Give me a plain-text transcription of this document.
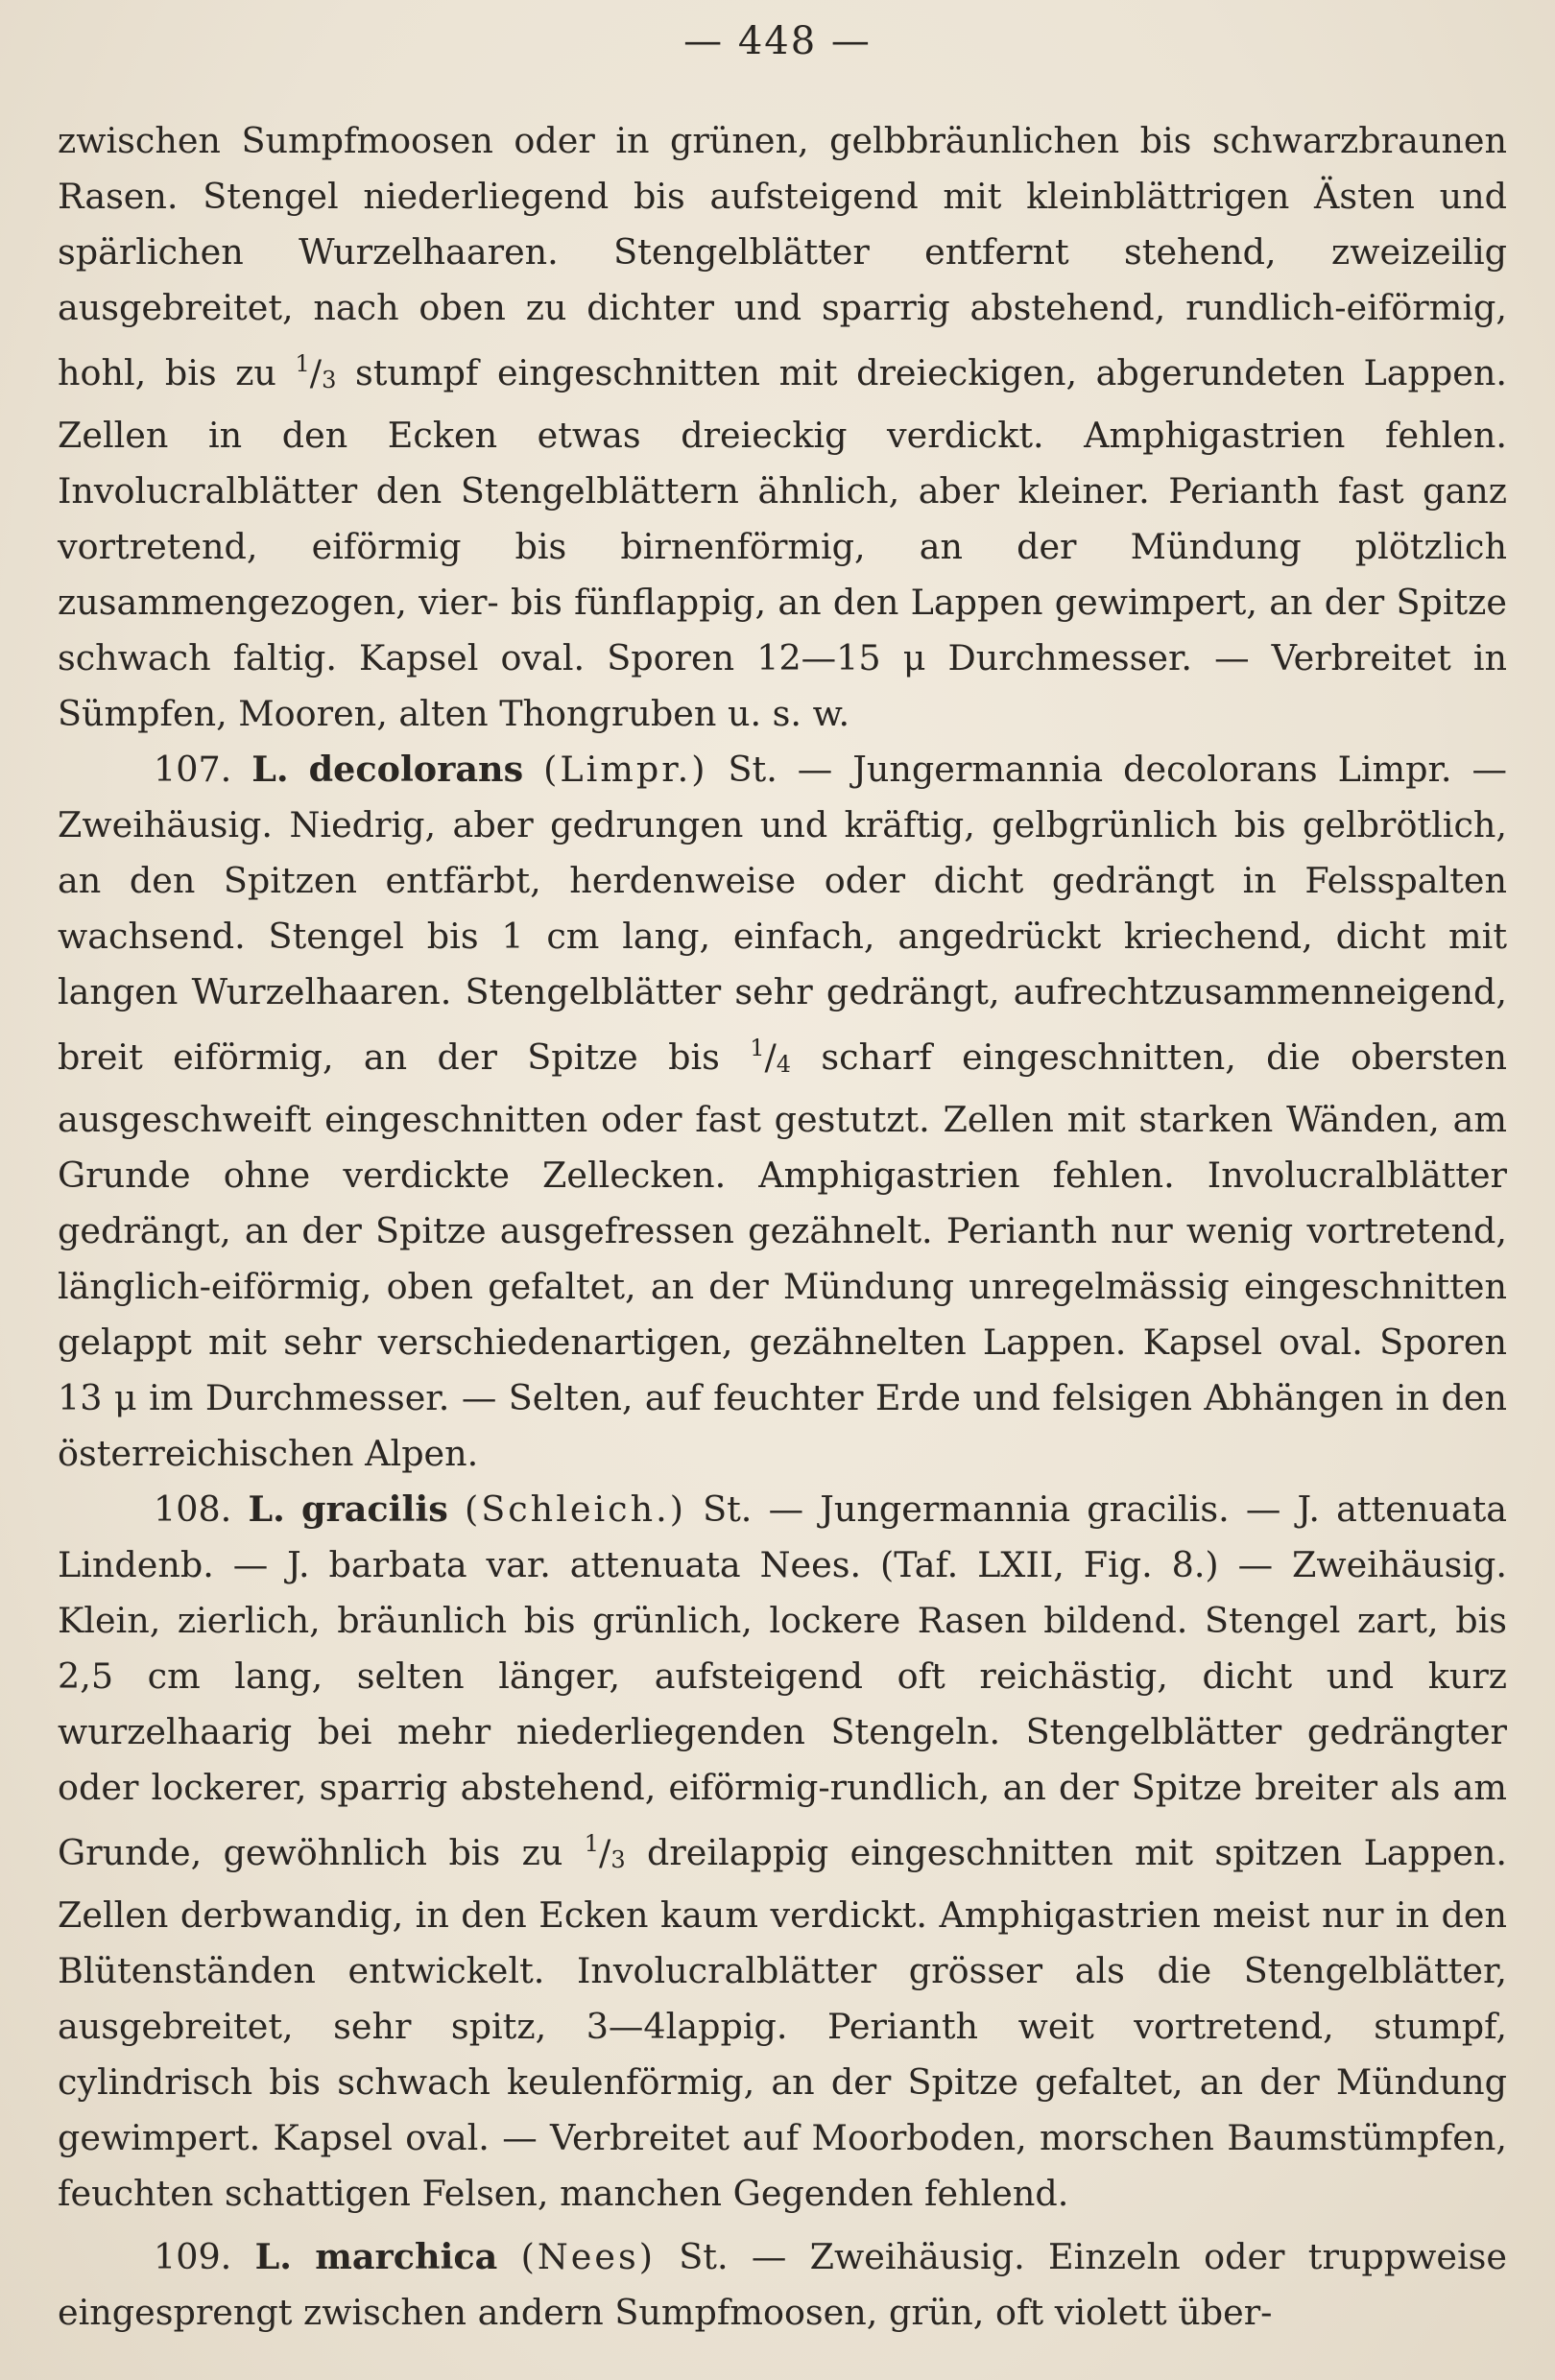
— 448 —

zwischen Sumpfmoosen oder in grünen, gelbbräunlichen bis schwarzbraunen Rasen. Stengel niederliegend bis aufsteigend mit kleinblättrigen Ästen und spärlichen Wurzelhaaren. Stengelblätter entfernt stehend, zweizeilig ausgebreitet, nach oben zu dichter und sparrig abstehend, rundlich-eiförmig, hohl, bis zu $^1$/3 stumpf eingeschnitten mit dreieckigen, abgerundeten Lappen. Zellen in den Ecken etwas dreieckig verdickt. Amphigastrien fehlen. Involucralblätter den Stengelblättern ähnlich, aber kleiner. Perianth fast ganz vortretend, eiförmig bis birnenförmig, an der Mündung plötzlich zusammengezogen, vier- bis fünflappig, an den Lappen gewimpert, an der Spitze schwach faltig. Kapsel oval. Sporen 12—15 μ Durchmesser. — Verbreitet in Sümpfen, Mooren, alten Thongruben u. s. w.

107. L. decolorans (Limpr.) St. — Jungermannia decolorans Limpr. — Zweihäusig. Niedrig, aber gedrungen und kräftig, gelbgrünlich bis gelbrötlich, an den Spitzen entfärbt, herdenweise oder dicht gedrängt in Felsspalten wachsend. Stengel bis 1 cm lang, einfach, angedrückt kriechend, dicht mit langen Wurzelhaaren. Stengelblätter sehr gedrängt, aufrechtzusammenneigend, breit eiförmig, an der Spitze bis $^1$/4 scharf eingeschnitten, die obersten ausgeschweift eingeschnitten oder fast gestutzt. Zellen mit starken Wänden, am Grunde ohne verdickte Zellecken. Amphigastrien fehlen. Involucralblätter gedrängt, an der Spitze ausgefressen gezähnelt. Perianth nur wenig vortretend, länglich-eiförmig, oben gefaltet, an der Mündung unregelmässig eingeschnitten gelappt mit sehr verschiedenartigen, gezähnelten Lappen. Kapsel oval. Sporen 13 μ im Durchmesser. — Selten, auf feuchter Erde und felsigen Abhängen in den österreichischen Alpen.

108. L. gracilis (Schleich.) St. — Jungermannia gracilis. — J. attenuata Lindenb. — J. barbata var. attenuata Nees. (Taf. LXII, Fig. 8.) — Zweihäusig. Klein, zierlich, bräunlich bis grünlich, lockere Rasen bildend. Stengel zart, bis 2,5 cm lang, selten länger, aufsteigend oft reichästig, dicht und kurz wurzelhaarig bei mehr niederliegenden Stengeln. Stengelblätter gedrängter oder lockerer, sparrig abstehend, eiförmig-rundlich, an der Spitze breiter als am Grunde, gewöhnlich bis zu $^1$/3 dreilappig eingeschnitten mit spitzen Lappen. Zellen derbwandig, in den Ecken kaum verdickt. Amphigastrien meist nur in den Blütenständen entwickelt. Involucralblätter grösser als die Stengelblätter, ausgebreitet, sehr spitz, 3—4lappig. Perianth weit vortretend, stumpf, cylindrisch bis schwach keulenförmig, an der Spitze gefaltet, an der Mündung gewimpert. Kapsel oval. — Verbreitet auf Moorboden, morschen Baumstümpfen, feuchten schattigen Felsen, manchen Gegenden fehlend.

109. L. marchica (Nees) St. — Zweihäusig. Einzeln oder truppweise eingesprengt zwischen andern Sumpfmoosen, grün, oft violett über-
